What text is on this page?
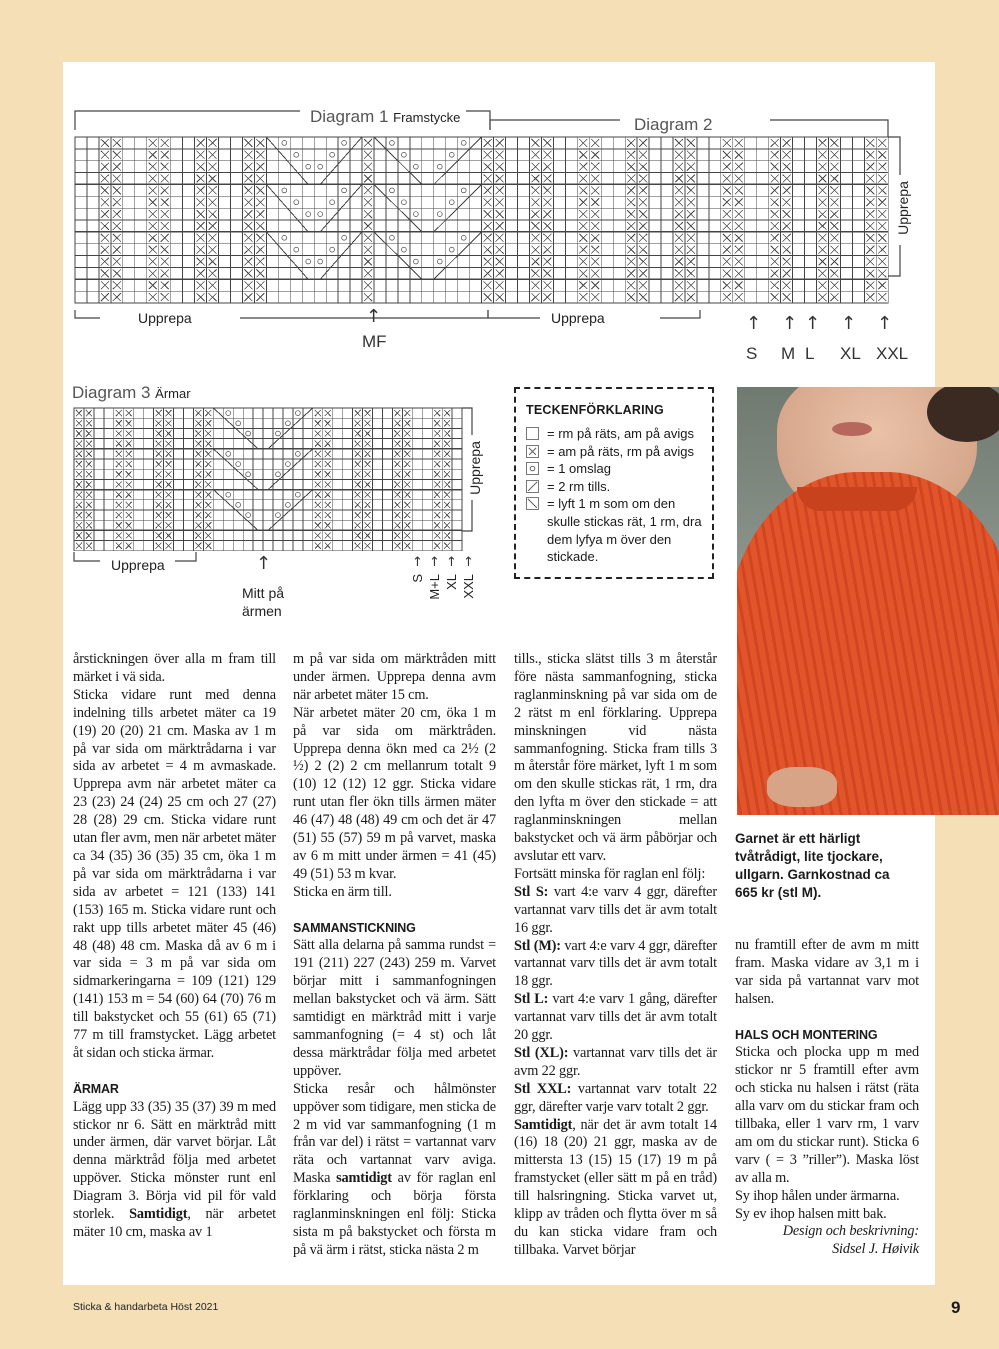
Diagram 1 Framstycke	Diagram 2
Upprepa	Upprepa
Upprepa
↑
MF
↑ ↑ ↑ ↑ ↑
S M L XL XXL
Diagram 3 Ärmar
Upprepa
Upprepa
↑
Mitt på ärmen
↑
S
↑
M+L
↑
XL
↑
XXL
TECKENFÖRKLARING
= rm på räts, am på avigs
= am på räts, rm på avigs
= 1 omslag
= 2 rm tills.
= lyft 1 m som om den skulle stickas rät, 1 rm, dra dem lyfya m över den stickade.

årstickningen över alla m fram till märket i vä sida.

Sticka vidare runt med denna indelning tills arbetet mäter ca 19 (19) 20 (20) 21 cm. Maska av 1 m på var sida om märktrådarna i var sida av arbetet = 4 m avmaskade. Upprepa avm när arbetet mäter ca 23 (23) 24 (24) 25 cm och 27 (27) 28 (28) 29 cm. Sticka vidare runt utan fler avm, men när arbetet mäter ca 34 (35) 36 (35) 35 cm, öka 1 m på var sida om märktrådarna i var sida av arbetet = 121 (133) 141 (153) 165 m. Sticka vidare runt och rakt upp tills arbetet mäter 45 (46) 48 (48) 48 cm. Maska då av 6 m i var sida = 3 m på var sida om sidmarkeringarna = 109 (121) 129 (141) 153 m = 54 (60) 64 (70) 76 m till bakstycket och 55 (61) 65 (71) 77 m till framstycket. Lägg arbetet åt sidan och sticka ärmar.

ÄRMAR

Lägg upp 33 (35) 35 (37) 39 m med stickor nr 6. Sätt en märktråd mitt under ärmen, där varvet börjar. Låt denna märktråd följa med arbetet uppöver. Sticka mönster runt enl Diagram 3. Börja vid pil för vald storlek. Samtidigt, när arbetet mäter 10 cm, maska av 1

m på var sida om märktråden mitt under ärmen. Upprepa denna avm när arbetet mäter 15 cm.

När arbetet mäter 20 cm, öka 1 m på var sida om märktråden. Upprepa denna ökn med ca 2½ (2 ½) 2 (2) 2 cm mellanrum totalt 9 (10) 12 (12) 12 ggr. Sticka vidare runt utan fler ökn tills ärmen mäter 46 (47) 48 (48) 49 cm och det är 47 (51) 55 (57) 59 m på varvet, maska av 6 m mitt under ärmen = 41 (45) 49 (51) 53 m kvar.

Sticka en ärm till.

SAMMANSTICKNING

Sätt alla delarna på samma rundst = 191 (211) 227 (243) 259 m. Varvet börjar mitt i sammanfogningen mellan bakstycket och vä ärm. Sätt samtidigt en märktråd mitt i varje sammanfogning (= 4 st) och låt dessa märktrådar följa med arbetet uppöver.

Sticka resår och hålmönster uppöver som tidigare, men sticka de 2 m vid var sammanfogning (1 m från var del) i rätst = vartannat varv räta och vartannat varv aviga. Maska samtidigt av för raglan enl förklaring och börja första raglanminskningen enl följ: Sticka sista m på bakstycket och första m på vä ärm i rätst, sticka nästa 2 m

tills., sticka slätst tills 3 m återstår före nästa sammanfogning, sticka raglanminskning på var sida om de 2 rätst m enl förklaring. Upprepa minskningen vid nästa sammanfogning. Sticka fram tills 3 m återstår före märket, lyft 1 m som om den skulle stickas rät, 1 rm, dra den lyfta m över den stickade = att raglanminskningen mellan bakstycket och vä ärm påbörjar och avslutar ett varv.

Fortsätt minska för raglan enl följ:

Stl S: vart 4:e varv 4 ggr, därefter vartannat varv tills det är avm totalt 16 ggr.

Stl (M): vart 4:e varv 4 ggr, därefter vartannat varv tills det är avm totalt 18 ggr.

Stl L: vart 4:e varv 1 gång, därefter vartannat varv tills det är avm totalt 20 ggr.

Stl (XL): vartannat varv tills det är avm 22 ggr.

Stl XXL: vartannat varv totalt 22 ggr, därefter varje varv totalt 2 ggr.

Samtidigt, när det är avm totalt 14 (16) 18 (20) 21 ggr, maska av de mittersta 13 (15) 15 (17) 19 m på framstycket (eller sätt m på en tråd) till halsringning. Sticka varvet ut, klipp av tråden och flytta över m så du kan sticka vidare fram och tillbaka. Varvet börjar

Garnet är ett härligt tvåtrådigt, lite tjockare, ullgarn. Garnkostnad ca 665 kr (stl M).

nu framtill efter de avm m mitt fram. Maska vidare av 3,1 m i var sida på vartannat varv mot halsen.

HALS OCH MONTERING

Sticka och plocka upp m med stickor nr 5 framtill efter avm och sticka nu halsen i rätst (räta alla varv om du stickar fram och tillbaka, eller 1 varv rm, 1 varv am om du stickar runt). Sticka 6 varv ( = 3 ”riller”). Maska löst av alla m.

Sy ihop hålen under ärmarna.

Sy ev ihop halsen mitt bak.

Design och beskrivning:

Sidsel J. Høivik

Sticka & handarbeta Höst 2021	9
